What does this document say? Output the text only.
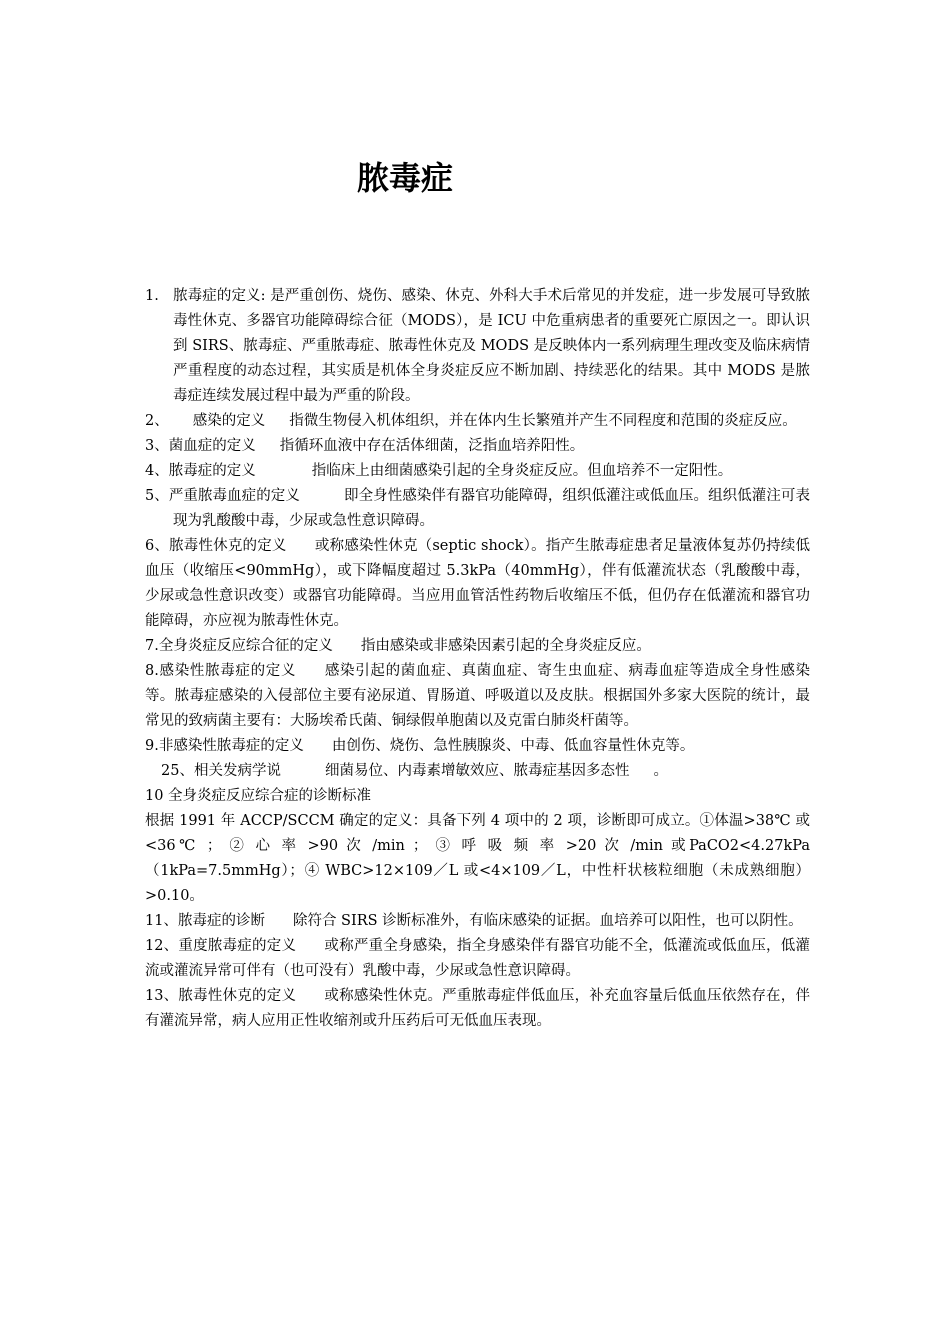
脓毒症

1. 脓毒症的定义: 是严重创伤、烧伤、感染、休克、外科大手术后常见的并发症，进一步发展可导致脓毒性休克、多器官功能障碍综合征（MODS），是 ICU 中危重病患者的重要死亡原因之一。即认识到 SIRS、脓毒症、严重脓毒症、脓毒性休克及 MODS 是反映体内一系列病理生理改变及临床病情严重程度的动态过程，其实质是机体全身炎症反应不断加剧、持续恶化的结果。其中 MODS 是脓毒症连续发展过程中最为严重的阶段。

2、 感染的定义 指微生物侵入机体组织，并在体内生长繁殖并产生不同程度和范围的炎症反应。

3、菌血症的定义 指循环血液中存在活体细菌，泛指血培养阳性。

4、脓毒症的定义	指临床上由细菌感染引起的全身炎症反应。但血培养不一定阳性。

5、严重脓毒血症的定义	即全身性感染伴有器官功能障碍，组织低灌注或低血压。组织低灌注可表现为乳酸酸中毒，少尿或急性意识障碍。

6、脓毒性休克的定义 或称感染性休克（septic shock）。指产生脓毒症患者足量液体复苏仍持续低血压（收缩压<90mmHg），或下降幅度超过 5.3kPa（40mmHg），伴有低灌流状态（乳酸酸中毒，少尿或急性意识改变）或器官功能障碍。当应用血管活性药物后收缩压不低，但仍存在低灌流和器官功能障碍，亦应视为脓毒性休克。

7.全身炎症反应综合征的定义 指由感染或非感染因素引起的全身炎症反应。

8.感染性脓毒症的定义 感染引起的菌血症、真菌血症、寄生虫血症、病毒血症等造成全身性感染等。脓毒症感染的入侵部位主要有泌尿道、胃肠道、呼吸道以及皮肤。根据国外多家大医院的统计，最常见的致病菌主要有：大肠埃希氏菌、铜绿假单胞菌以及克雷白肺炎杆菌等。

9.非感染性脓毒症的定义 由创伤、烧伤、急性胰腺炎、中毒、低血容量性休克等。

25、相关发病学说	细菌易位、内毒素增敏效应、脓毒症基因多态性 。

10 全身炎症反应综合症的诊断标准

根据 1991 年 ACCP/SCCM 确定的定义：具备下列 4 项中的 2 项，诊断即可成立。①体温>38℃ 或 <36℃ ； ② 心 率 >90 次 /min ； ③ 呼 吸 频 率 >20 次 /min 或PaCO2<4.27kPa（1kPa=7.5mmHg）；④ WBC>12×109／L 或<4×109／L，中性杆状核粒细胞（未成熟细胞）>0.10。

11、脓毒症的诊断 除符合 SIRS 诊断标准外，有临床感染的证据。血培养可以阳性，也可以阴性。

12、重度脓毒症的定义 或称严重全身感染，指全身感染伴有器官功能不全，低灌流或低血压，低灌流或灌流异常可伴有（也可没有）乳酸中毒，少尿或急性意识障碍。

13、脓毒性休克的定义 或称感染性休克。严重脓毒症伴低血压，补充血容量后低血压依然存在，伴有灌流异常，病人应用正性收缩剂或升压药后可无低血压表现。
